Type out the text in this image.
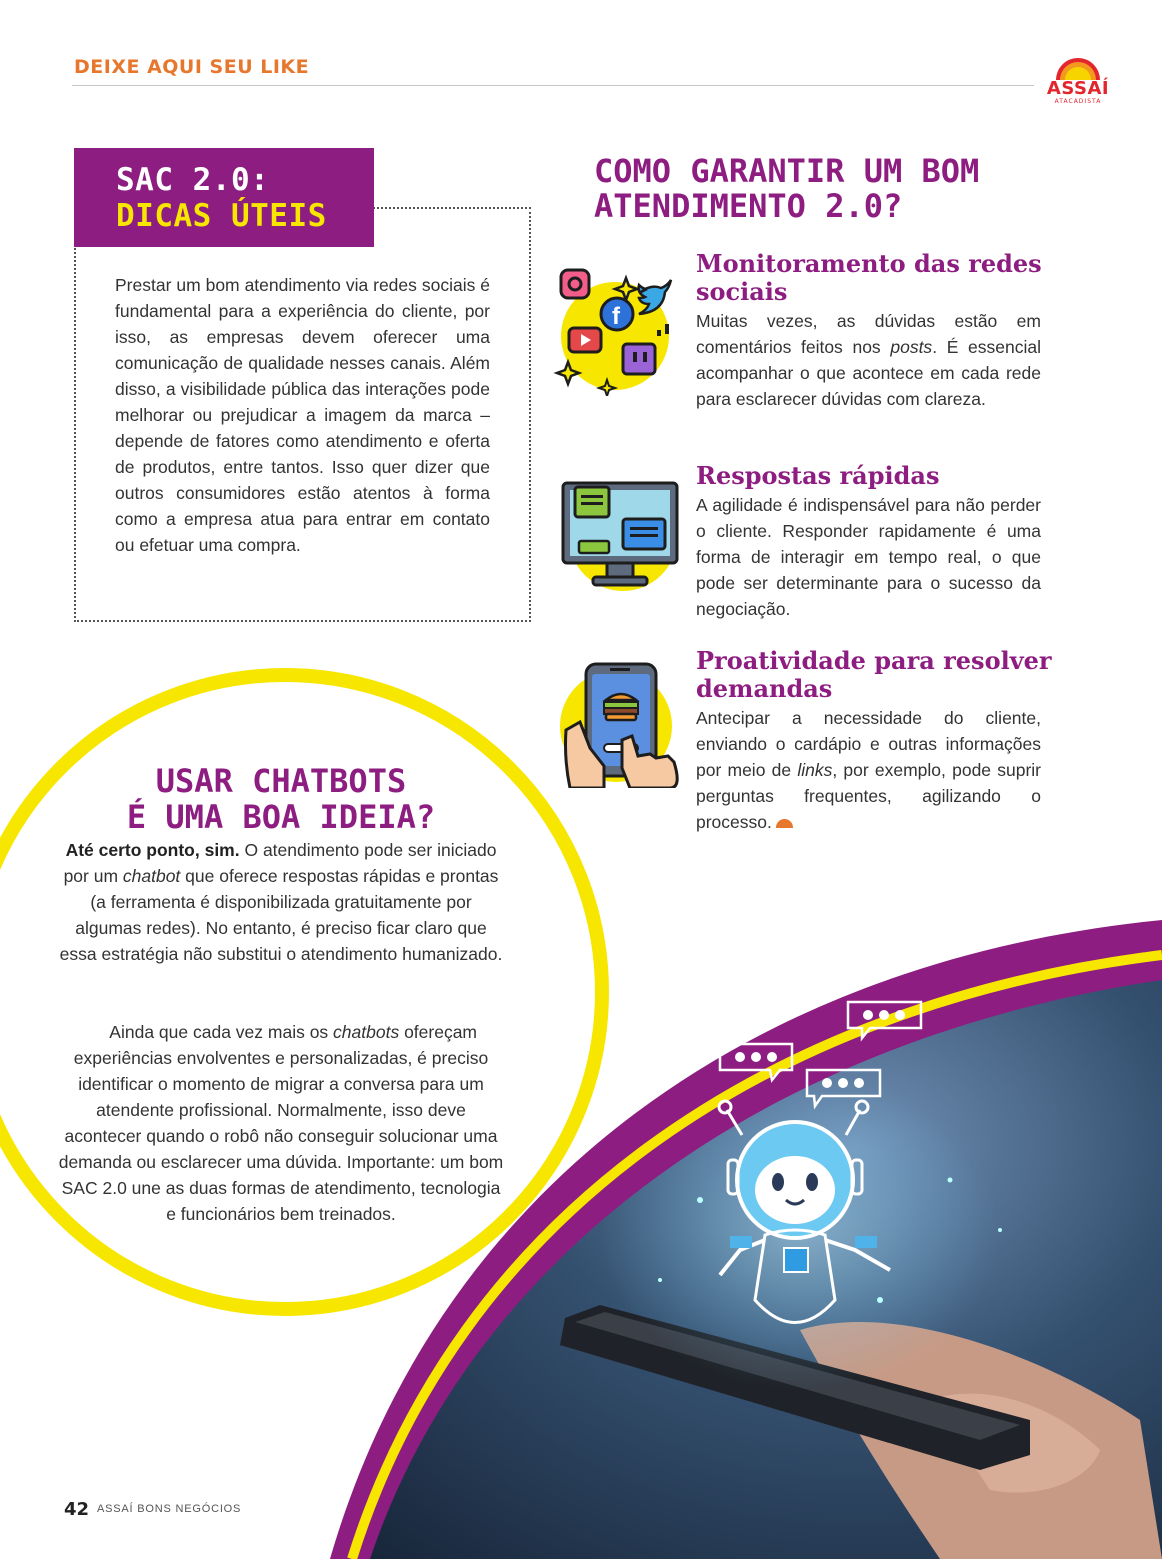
DEIXE AQUI SEU LIKE
ASSAÍ
ATACADISTA
SAC 2.0:
DICAS ÚTEIS

Prestar um bom atendimento via redes sociais é fundamental para a experiência do cliente, por isso, as empresas devem oferecer uma comunicação de qualidade nesses canais. Além disso, a visibilidade pública das interações pode melhorar ou prejudicar a imagem da marca – depende de fatores como atendimento e oferta de produtos, entre tantos. Isso quer dizer que outros consumidores estão atentos à forma como a empresa atua para entrar em contato ou efetuar uma compra.

COMO GARANTIR UM BOM ATENDIMENTO 2.0?
f
Monitoramento das redes sociais

Muitas vezes, as dúvidas estão em comentários feitos nos posts. É essencial acompanhar o que acontece em cada rede para esclarecer dúvidas com clareza.

Respostas rápidas

A agilidade é indispensável para não perder o cliente. Responder rapidamente é uma forma de interagir em tempo real, o que pode ser determinante para o sucesso da negociação.

Proatividade para resolver demandas

Antecipar a necessidade do cliente, enviando o cardápio e outras informações por meio de links, por exemplo, pode suprir perguntas frequentes, agilizando o processo.

USAR CHATBOTS
É UMA BOA IDEIA?

Até certo ponto, sim. O atendimento pode ser iniciado por um chatbot que oferece respostas rápidas e prontas (a ferramenta é disponibilizada gratuitamente por algumas redes). No entanto, é preciso ficar claro que essa estratégia não substitui o atendimento humanizado.

Ainda que cada vez mais os chatbots ofereçam experiências envolventes e personalizadas, é preciso identificar o momento de migrar a conversa para um atendente profissional. Normalmente, isso deve acontecer quando o robô não conseguir solucionar uma demanda ou esclarecer uma dúvida. Importante: um bom SAC 2.0 une as duas formas de atendimento, tecnologia e funcionários bem treinados.

42 ASSAÍ BONS NEGÓCIOS
